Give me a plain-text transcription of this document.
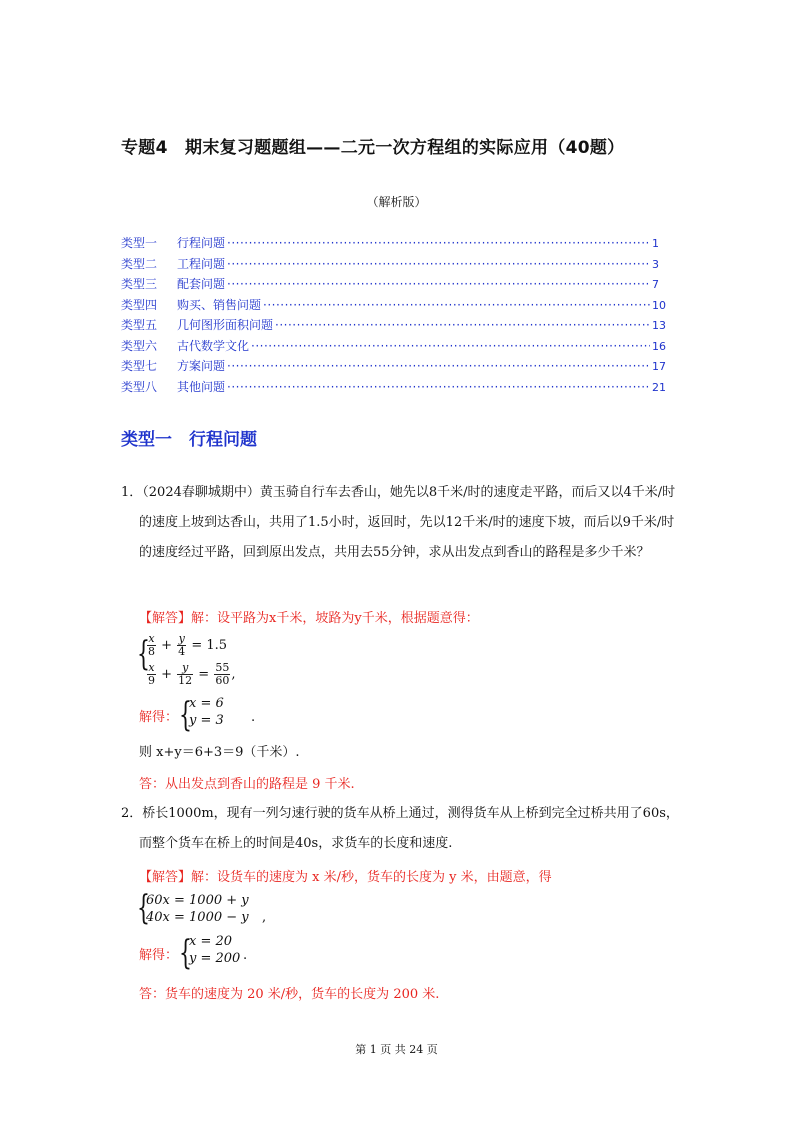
专题4　期末复习题题组——二元一次方程组的实际应用（40题）
（解析版）
类型一	行程问题 ·····	1
类型二	工程问题 ·····	3
类型三	配套问题 ·····	7
类型四	购买、销售问题 ·····	10
类型五	几何图形面积问题 ·····	13
类型六	古代数学文化 ·····	16
类型七	方案问题 ·····	17
类型八	其他问题 ·····	21
类型一　行程问题
1．（2024春聊城期中）黄玉骑自行车去香山，她先以8千米/时的速度走平路，而后又以4千米/时的速度上坡到达香山，共用了1.5小时，返回时，先以12千米/时的速度下坡，而后以9千米/时的速度经过平路，回到原出发点，共用去55分钟，求从出发点到香山的路程是多少千米？
【解答】解：设平路为x千米，坡路为y千米，根据题意得：
{
$\frac{x}{8} + \frac{y}{4} = 1.5$
$\frac{x}{9} + \frac{y}{12} = \frac{55}{60}$ ,
解得： {
x = 6
y = 3 .
则 x+y＝6+3＝9（千米）.
答：从出发点到香山的路程是 9 千米.
2．桥长1000m，现有一列匀速行驶的货车从桥上通过，测得货车从上桥到完全过桥共用了60s，而整个货车在桥上的时间是40s，求货车的长度和速度.
【解答】解：设货车的速度为 x 米/秒，货车的长度为 y 米，由题意，得
{
60x = 1000 + y
40x = 1000 − y ,
解得： {
x = 20
y = 200 .
答：货车的速度为 20 米/秒，货车的长度为 200 米.
第 1 页 共 24 页
